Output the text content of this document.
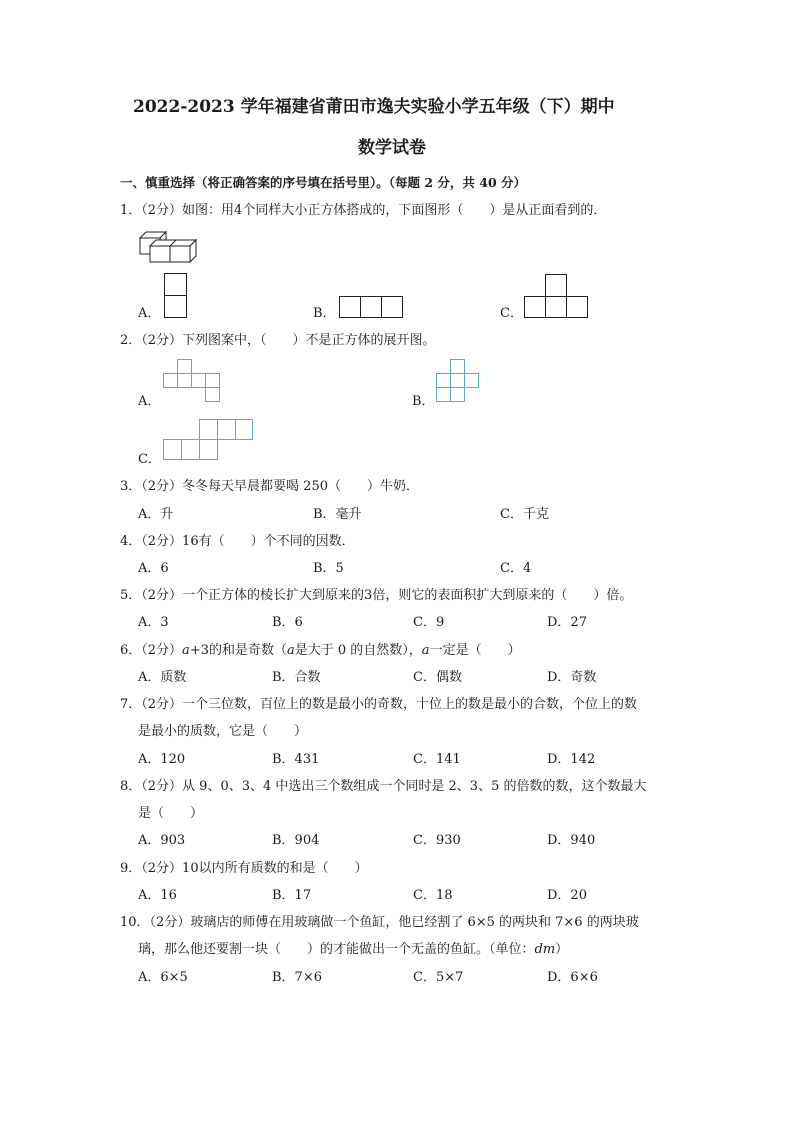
2022-2023 学年福建省莆田市逸夫实验小学五年级（下）期中
数学试卷
一、慎重选择（将正确答案的序号填在括号里）。（每题 2 分，共 40 分）
1．（2分）如图：用4个同样大小正方体搭成的，下面图形（　　）是从正面看到的．
A．	B．	C．
2．（2分）下列图案中，（　　）不是正方体的展开图。
A．	B．
C．
3．（2分）冬冬每天早晨都要喝 250（　　）牛奶．
A．升	B．毫升	C．千克
4．（2分）16有（　　）个不同的因数．
A．6	B．5	C．4
5．（2分）一个正方体的棱长扩大到原来的3倍，则它的表面积扩大到原来的（　　）倍。
A．3	B．6	C．9	D．27
6．（2分）a+3的和是奇数（a是大于 0 的自然数），a一定是（　　）
A．质数	B．合数	C．偶数	D．奇数
7．（2分）一个三位数，百位上的数是最小的奇数，十位上的数是最小的合数，个位上的数
是最小的质数，它是（　　）
A．120	B．431	C．141	D．142
8．（2分）从 9、0、3、4 中选出三个数组成一个同时是 2、3、5 的倍数的数，这个数最大
是（　　）
A．903	B．904	C．930	D．940
9．（2分）10以内所有质数的和是（　　）
A．16	B．17	C．18	D．20
10．（2分）玻璃店的师傅在用玻璃做一个鱼缸，他已经割了 6×5 的两块和 7×6 的两块玻
璃，那么他还要割一块（　　）的才能做出一个无盖的鱼缸。（单位：dm）
A．6×5	B．7×6	C．5×7	D．6×6
